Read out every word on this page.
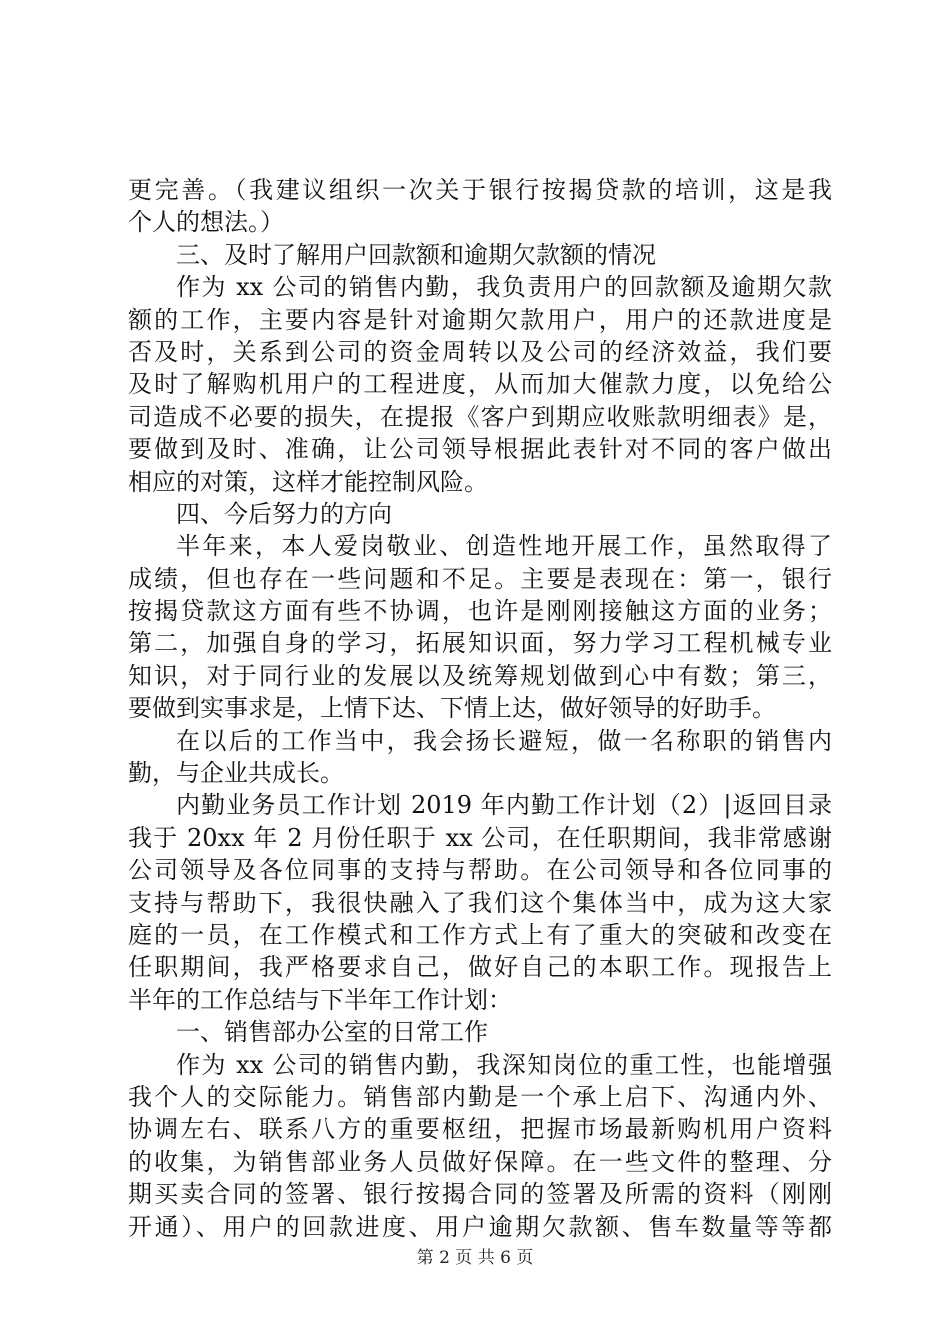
更完善。（我建议组织一次关于银行按揭贷款的培训，这是我
个人的想法。）
三、及时了解用户回款额和逾期欠款额的情况
作为 xx 公司的销售内勤，我负责用户的回款额及逾期欠款
额的工作，主要内容是针对逾期欠款用户，用户的还款进度是
否及时，关系到公司的资金周转以及公司的经济效益，我们要
及时了解购机用户的工程进度，从而加大催款力度，以免给公
司造成不必要的损失，在提报《客户到期应收账款明细表》是，
要做到及时、准确，让公司领导根据此表针对不同的客户做出
相应的对策，这样才能控制风险。
四、今后努力的方向
半年来，本人爱岗敬业、创造性地开展工作，虽然取得了
成绩，但也存在一些问题和不足。主要是表现在：第一，银行
按揭贷款这方面有些不协调，也许是刚刚接触这方面的业务；
第二，加强自身的学习，拓展知识面，努力学习工程机械专业
知识，对于同行业的发展以及统筹规划做到心中有数；第三，
要做到实事求是，上情下达、下情上达，做好领导的好助手。
在以后的工作当中，我会扬长避短，做一名称职的销售内
勤，与企业共成长。
内勤业务员工作计划 2019 年内勤工作计划（2）|返回目录
我于 20xx 年 2 月份任职于 xx 公司，在任职期间，我非常感谢
公司领导及各位同事的支持与帮助。在公司领导和各位同事的
支持与帮助下，我很快融入了我们这个集体当中，成为这大家
庭的一员，在工作模式和工作方式上有了重大的突破和改变在
任职期间，我严格要求自己，做好自己的本职工作。现报告上
半年的工作总结与下半年工作计划：
一、销售部办公室的日常工作
作为 xx 公司的销售内勤，我深知岗位的重工性，也能增强
我个人的交际能力。销售部内勤是一个承上启下、沟通内外、
协调左右、联系八方的重要枢纽，把握市场最新购机用户资料
的收集，为销售部业务人员做好保障。在一些文件的整理、分
期买卖合同的签署、银行按揭合同的签署及所需的资料（刚刚
开通）、用户的回款进度、用户逾期欠款额、售车数量等等都
第 2 页 共 6 页
